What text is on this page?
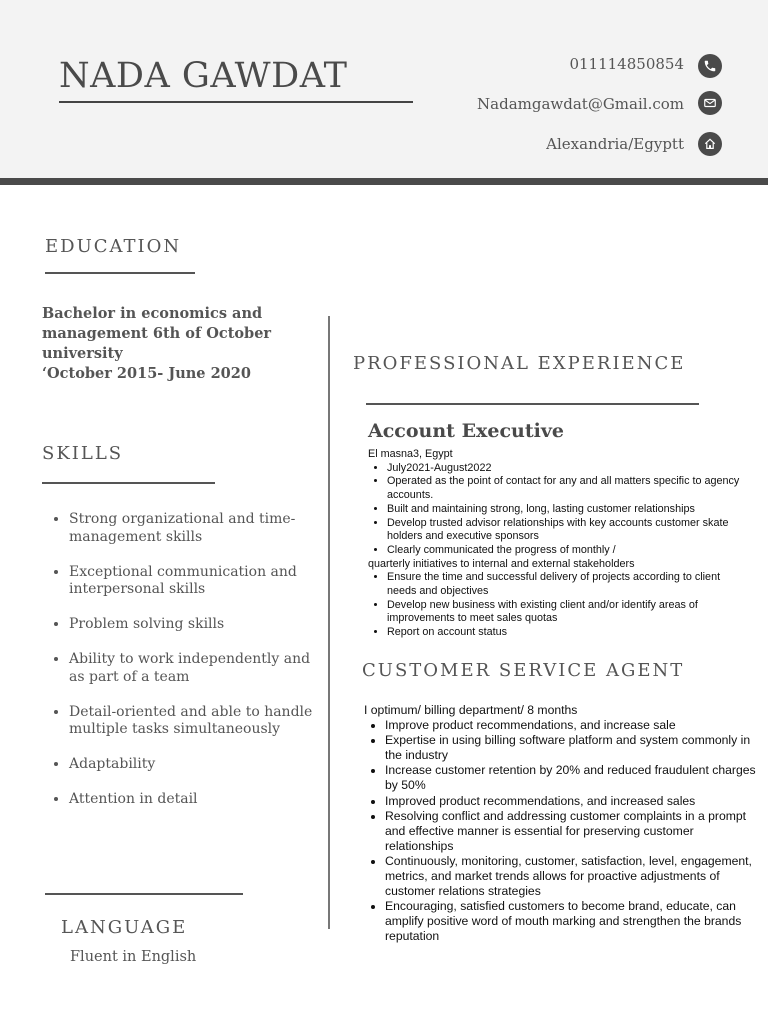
NADA GAWDAT	011114850854
Nadamgawdat@Gmail.com
Alexandria/Egyptt
EDUCATION
Bachelor in economics and
management 6th of October
university
‘October 2015- June 2020
SKILLS
• Strong organizational and time-management skills
• Exceptional communication and interpersonal skills
• Problem solving skills
• Ability to work independently and as part of a team
• Detail-oriented and able to handle multiple tasks simultaneously
• Adaptability
• Attention in detail
LANGUAGE
Fluent in English
PROFESSIONAL EXPERIENCE
Account Executive
El masna3, Egypt
• July2021-August2022
• Operated as the point of contact for any and all matters specific to agency accounts.
• Built and maintaining strong, long, lasting customer relationships
• Develop trusted advisor relationships with key accounts customer skate holders and executive sponsors
• Clearly communicated the progress of monthly /
quarterly initiatives to internal and external stakeholders
• Ensure the time and successful delivery of projects according to client needs and objectives
• Develop new business with existing client and/or identify areas of improvements to meet sales quotas
• Report on account status
CUSTOMER SERVICE AGENT
I optimum/ billing department/ 8 months
• Improve product recommendations, and increase sale
• Expertise in using billing software platform and system commonly in the industry
• Increase customer retention by 20% and reduced fraudulent charges by 50%
• Improved product recommendations, and increased sales
• Resolving conflict and addressing customer complaints in a prompt and effective manner is essential for preserving customer relationships
• Continuously, monitoring, customer, satisfaction, level, engagement, metrics, and market trends allows for proactive adjustments of customer relations strategies
• Encouraging, satisfied customers to become brand, educate, can amplify positive word of mouth marking and strengthen the brands reputation
